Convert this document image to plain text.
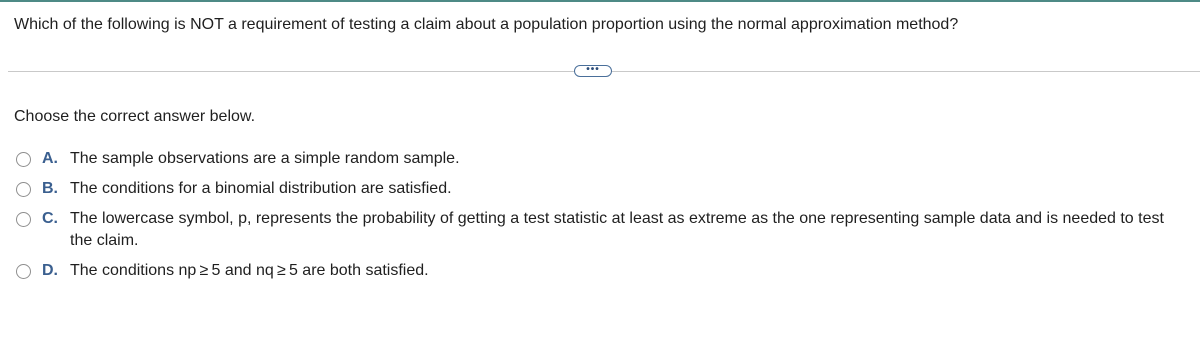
Which of the following is NOT a requirement of testing a claim about a population proportion using the normal approximation method?
•••
Choose the correct answer below.
A. The sample observations are a simple random sample.
B. The conditions for a binomial distribution are satisfied.
C. The lowercase symbol, p, represents the probability of getting a test statistic at least as extreme as the one representing sample data and is needed to test the claim.
D. The conditions np ≥ 5 and nq ≥ 5 are both satisfied.
